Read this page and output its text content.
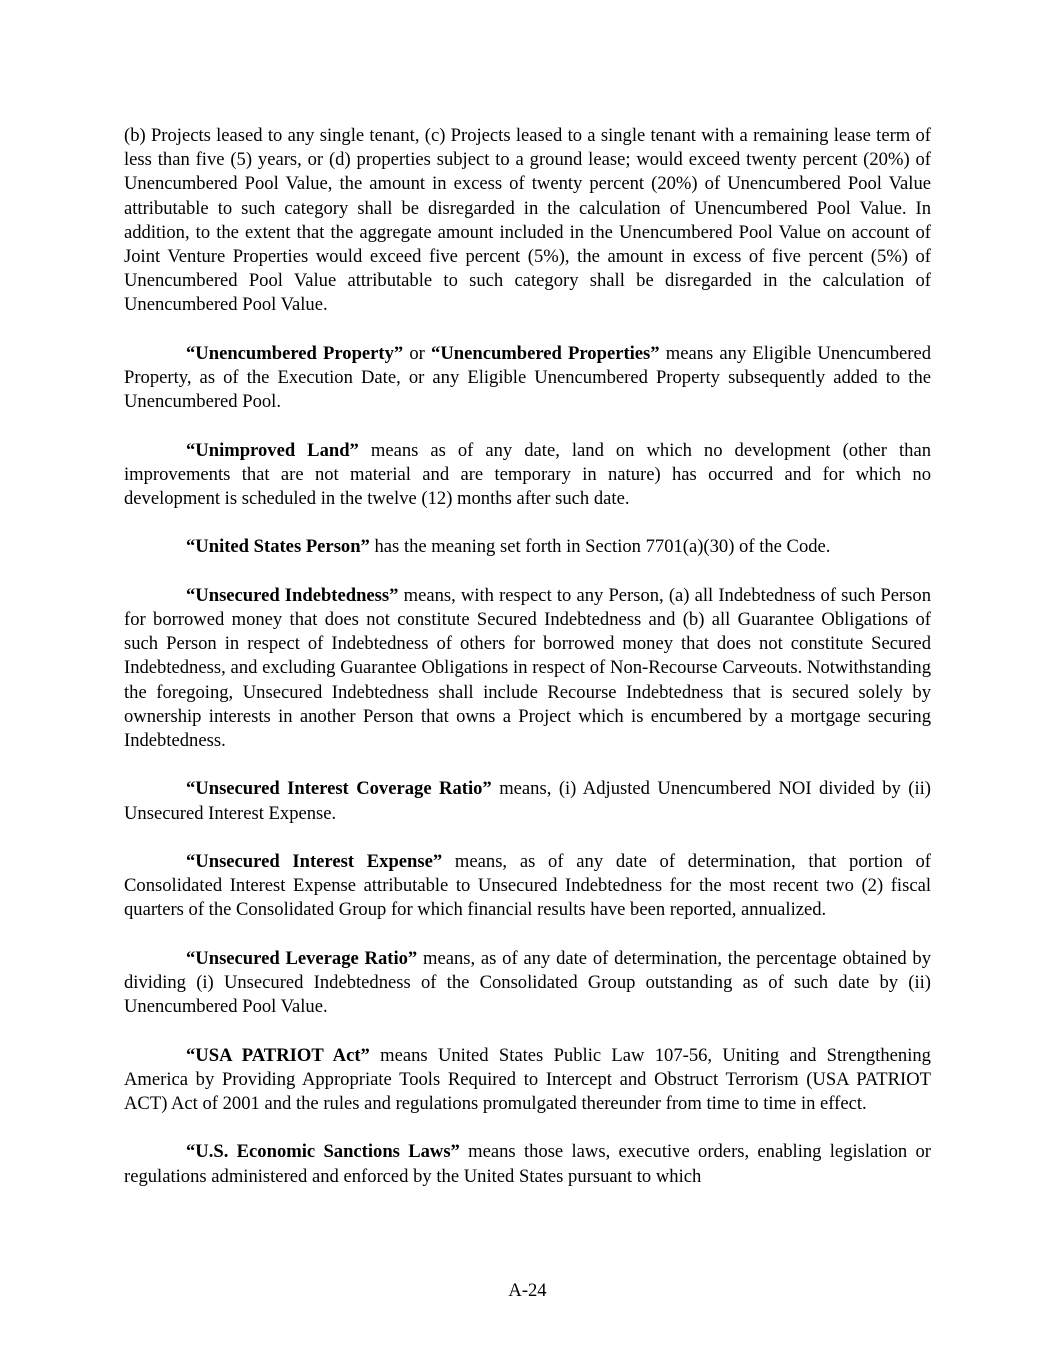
(b) Projects leased to any single tenant, (c) Projects leased to a single tenant with a remaining lease term of less than five (5) years, or (d) properties subject to a ground lease; would exceed twenty percent (20%) of Unencumbered Pool Value, the amount in excess of twenty percent (20%) of Unencumbered Pool Value attributable to such category shall be disregarded in the calculation of Unencumbered Pool Value. In addition, to the extent that the aggregate amount included in the Unencumbered Pool Value on account of Joint Venture Properties would exceed five percent (5%), the amount in excess of five percent (5%) of Unencumbered Pool Value attributable to such category shall be disregarded in the calculation of Unencumbered Pool Value.

“Unencumbered Property” or “Unencumbered Properties” means any Eligible Unencumbered Property, as of the Execution Date, or any Eligible Unencumbered Property subsequently added to the Unencumbered Pool.

“Unimproved Land” means as of any date, land on which no development (other than improvements that are not material and are temporary in nature) has occurred and for which no development is scheduled in the twelve (12) months after such date.

“United States Person” has the meaning set forth in Section 7701(a)(30) of the Code.

“Unsecured Indebtedness” means, with respect to any Person, (a) all Indebtedness of such Person for borrowed money that does not constitute Secured Indebtedness and (b) all Guarantee Obligations of such Person in respect of Indebtedness of others for borrowed money that does not constitute Secured Indebtedness, and excluding Guarantee Obligations in respect of Non-Recourse Carveouts. Notwithstanding the foregoing, Unsecured Indebtedness shall include Recourse Indebtedness that is secured solely by ownership interests in another Person that owns a Project which is encumbered by a mortgage securing Indebtedness.

“Unsecured Interest Coverage Ratio” means, (i) Adjusted Unencumbered NOI divided by (ii) Unsecured Interest Expense.

“Unsecured Interest Expense” means, as of any date of determination, that portion of Consolidated Interest Expense attributable to Unsecured Indebtedness for the most recent two (2) fiscal quarters of the Consolidated Group for which financial results have been reported, annualized.

“Unsecured Leverage Ratio” means, as of any date of determination, the percentage obtained by dividing (i) Unsecured Indebtedness of the Consolidated Group outstanding as of such date by (ii) Unencumbered Pool Value.

“USA PATRIOT Act” means United States Public Law 107-56, Uniting and Strengthening America by Providing Appropriate Tools Required to Intercept and Obstruct Terrorism (USA PATRIOT ACT) Act of 2001 and the rules and regulations promulgated thereunder from time to time in effect.

“U.S. Economic Sanctions Laws” means those laws, executive orders, enabling legislation or regulations administered and enforced by the United States pursuant to which

A-24
